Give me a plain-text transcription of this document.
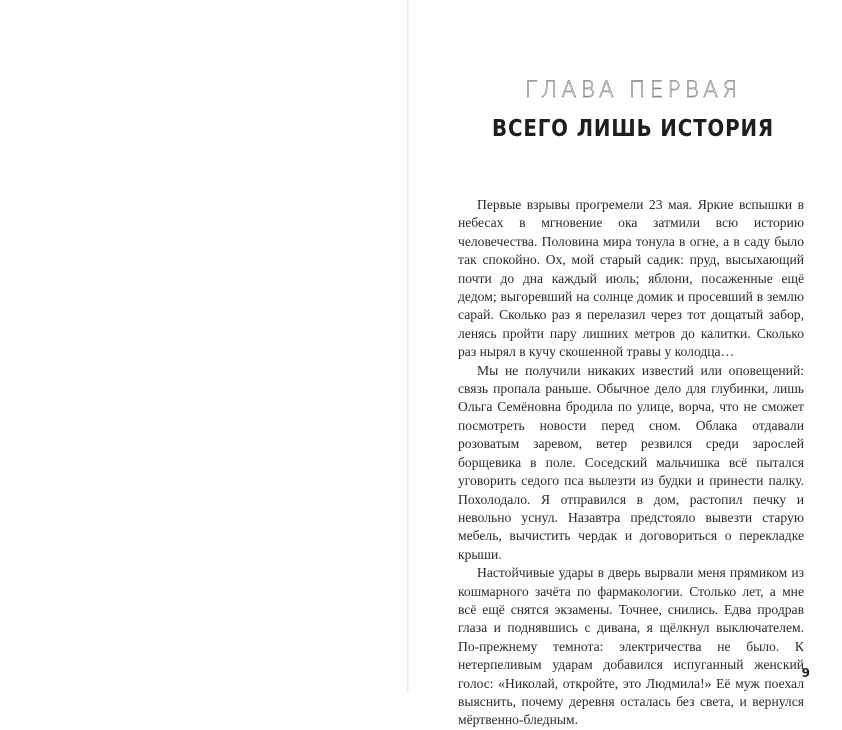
ГЛАВА ПЕРВАЯ
ВСЕГО ЛИШЬ ИСТОРИЯ

Первые взрывы прогремели 23 мая. Яркие вспышки в небесах в мгновение ока затмили всю историю человечества. Половина мира тонула в огне, а в саду было так спокойно. Ох, мой старый садик: пруд, высыхающий почти до дна каждый июль; яблони, посаженные ещё дедом; выгоревший на солнце домик и просевший в землю сарай. Сколько раз я перелазил через тот дощатый забор, ленясь пройти пару лишних метров до калитки. Сколько раз нырял в кучу скошенной травы у колодца…

Мы не получили никаких известий или оповещений: связь пропала раньше. Обычное дело для глубинки, лишь Ольга Семёновна бродила по улице, ворча, что не сможет посмотреть новости перед сном. Облака отдавали розоватым заревом, ветер резвился среди зарослей борщевика в поле. Соседский мальчишка всё пытался уговорить седого пса вылезти из будки и принести палку. Похолодало. Я отправился в дом, растопил печку и невольно уснул. Назавтра предстояло вывезти старую мебель, вычистить чердак и договориться о перекладке крыши.

Настойчивые удары в дверь вырвали меня прямиком из кошмарного зачёта по фармакологии. Столько лет, а мне всё ещё снятся экзамены. Точнее, снились. Едва продрав глаза и поднявшись с дивана, я щёлкнул выключателем. По-прежнему темнота: электричества не было. К нетерпеливым ударам добавился испуганный женский голос: «Николай, откройте, это Людмила!» Её муж поехал выяснить, почему деревня осталась без света, и вернулся мёртвенно-бледным.

9
